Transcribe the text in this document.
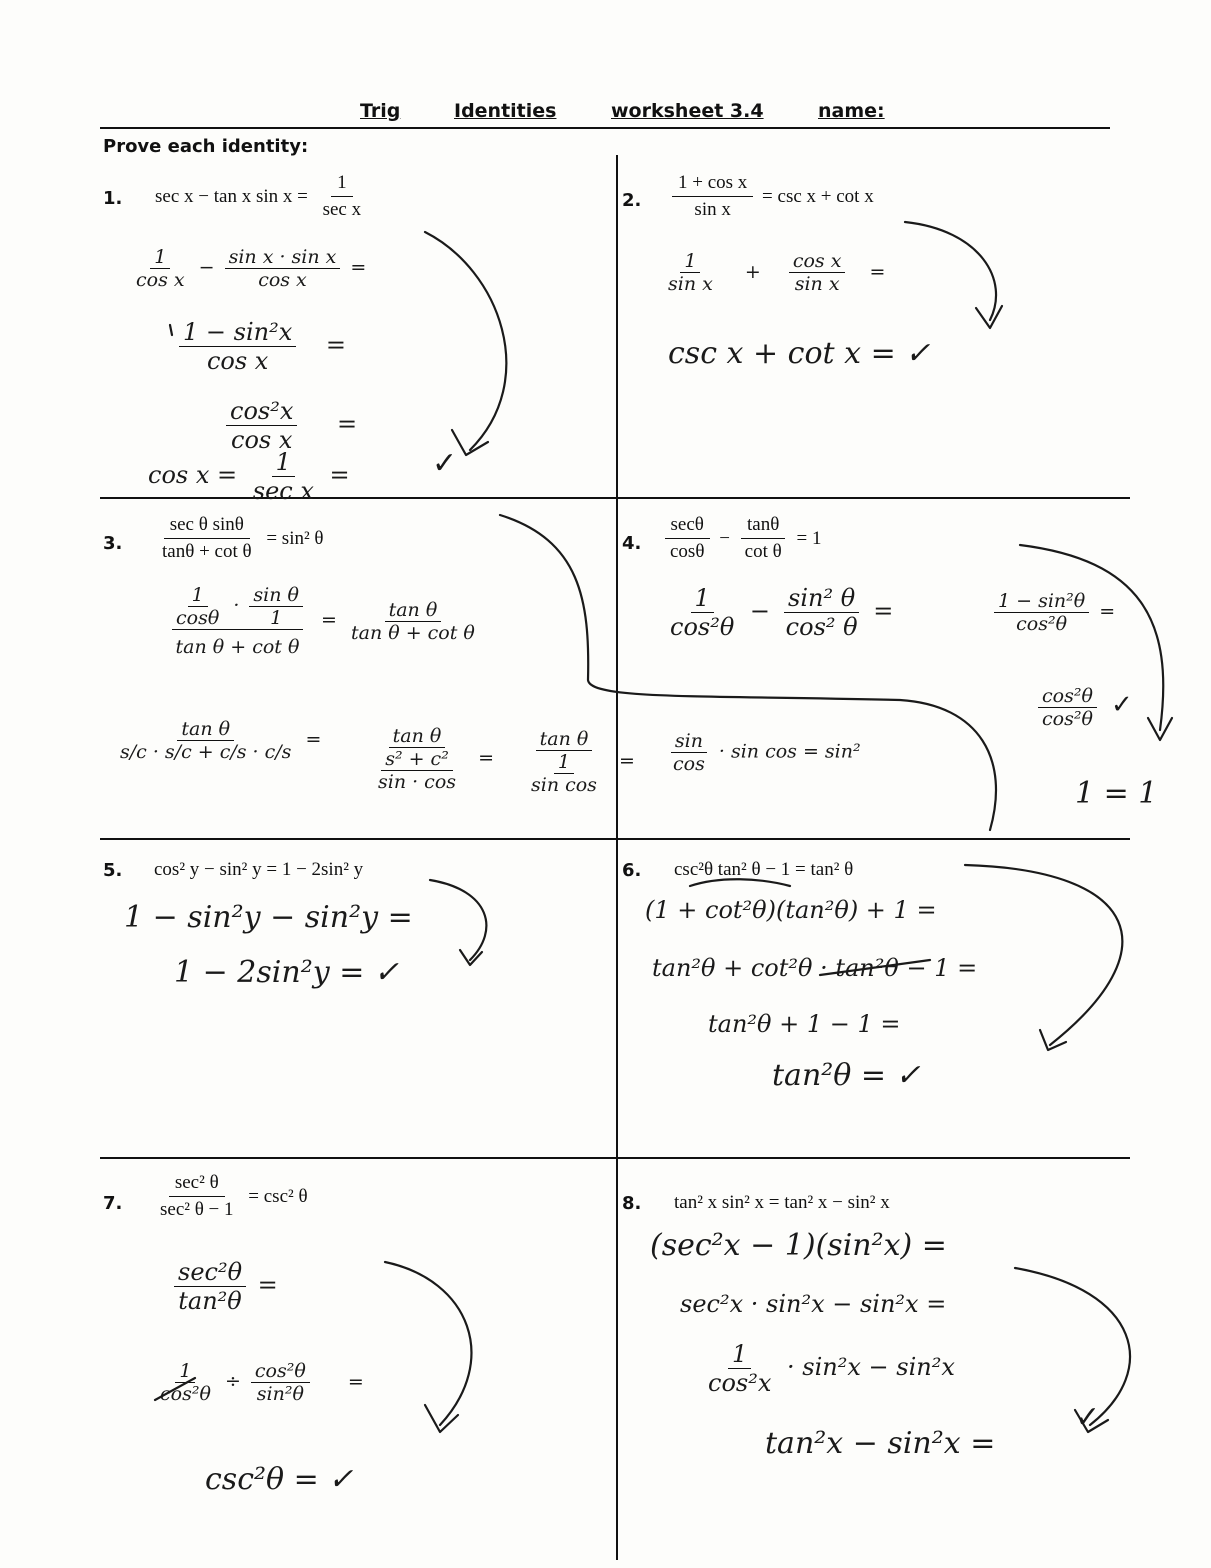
Trig	Identities	worksheet 3.4	name:
Prove each identity:
1. sec x − tan x $\sin x = \frac{1}{\text{sec x}}$	2. $\frac{\text{1 + cos x}}{\text{sin x}} = \csc x + \cot x$
3. $\frac{\text{sec θ sinθ}}{\text{tanθ + cot θ}} = \sin^2$ θ	4. $\frac{\sec\theta}{\cos\theta} - \frac{\tan\theta}{\text{cot θ}} = 1$
5. cos² y − sin² y = 1 − 2sin² y	6. csc²θ tan² θ − 1 = tan² θ
7. $\frac{\text{sec² θ}}{\text{sec² θ − 1}} = \csc^2$ θ	8. tan² x sin² x = tan² x − sin² x
$\frac{1}{\text{cos x}} - \frac{\text{sin x · sin x}}{\text{cos x}}$ =
$\frac{\text{1 − sin²x}}{\text{cos x}}$ =
$\frac{\text{cos²x}}{\text{cos x}}$ =
$\cos x = \frac{1}{\text{sec x}}$ =	✓
$\frac{1}{\text{sin x}} + \frac{\text{cos x}}{\text{sin x}}$ =
csc x + cot x = ✓
$\frac{\frac{1}{\cos\theta} \cdot \frac{\text{sin θ}}{1}}{\text{tan θ + cot θ}} = \frac{\text{tan θ}}{\text{tan θ + cot θ}}$
$\frac{\text{tan θ}}{s/c \cdot s/c + c/s \cdot c/s} = \frac{\text{tan θ}}{\frac{\text{s² + c²}}{\sin \cdot \cos}} = \frac{\text{tan θ}}{\frac{1}{\text{sin cos}}}$ =
$\frac{1}{\text{cos²θ}} - \frac{\text{sin² θ}}{\text{cos² θ}}$ =	$\frac{\text{1 − sin²θ}}{\text{cos²θ}}$ =
$\frac{\text{cos²θ}}{\text{cos²θ}}$ ✓
1 = 1
$\frac{\sin}{\cos} \cdot \sin \cos = \sin^2$
1 − sin²y − sin²y =
1 − 2sin²y = ✓
(1 + cot²θ)(tan²θ) + 1 =
tan²θ + cot²θ · tan²θ − 1 =
tan²θ + 1 − 1 =
tan²θ = ✓
$\frac{\text{sec²θ}}{\text{tan²θ}}$ =
$\frac{1}{\text{cos²θ}} \div \frac{\text{cos²θ}}{\text{sin²θ}}$ =
csc²θ = ✓
(sec²x − 1)(sin²x) =
sec²x · sin²x − sin²x =
$\frac{1}{\text{cos²x}} \cdot \sin^2x - \sin^2x$
tan²x − sin²x =
✓
